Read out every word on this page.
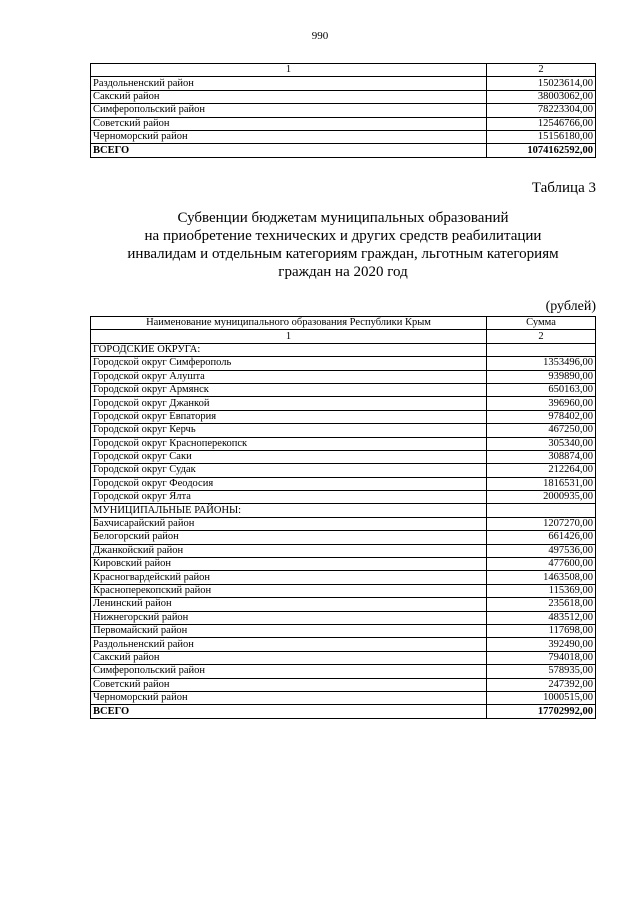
990
1	2
Раздольненский район	15023614,00
Сакский район	38003062,00
Симферопольский район	78223304,00
Советский район	12546766,00
Черноморский район	15156180,00
ВСЕГО	1074162592,00
Таблица 3
Субвенции бюджетам муниципальных образований
на приобретение технических и других средств реабилитации
инвалидам и отдельным категориям граждан, льготным категориям
граждан на 2020 год
(рублей)
Наименование муниципального образования Республики Крым	Сумма
1	2
ГОРОДСКИЕ ОКРУГА:	
Городской округ Симферополь	1353496,00
Городской округ Алушта	939890,00
Городской округ Армянск	650163,00
Городской округ Джанкой	396960,00
Городской округ Евпатория	978402,00
Городской округ Керчь	467250,00
Городской округ Красноперекопск	305340,00
Городской округ Саки	308874,00
Городской округ Судак	212264,00
Городской округ Феодосия	1816531,00
Городской округ Ялта	2000935,00
МУНИЦИПАЛЬНЫЕ РАЙОНЫ:	
Бахчисарайский район	1207270,00
Белогорский район	661426,00
Джанкойский район	497536,00
Кировский район	477600,00
Красногвардейский район	1463508,00
Красноперекопский район	115369,00
Ленинский район	235618,00
Нижнегорский район	483512,00
Первомайский район	117698,00
Раздольненский район	392490,00
Сакский район	794018,00
Симферопольский район	578935,00
Советский район	247392,00
Черноморский район	1000515,00
ВСЕГО	17702992,00
